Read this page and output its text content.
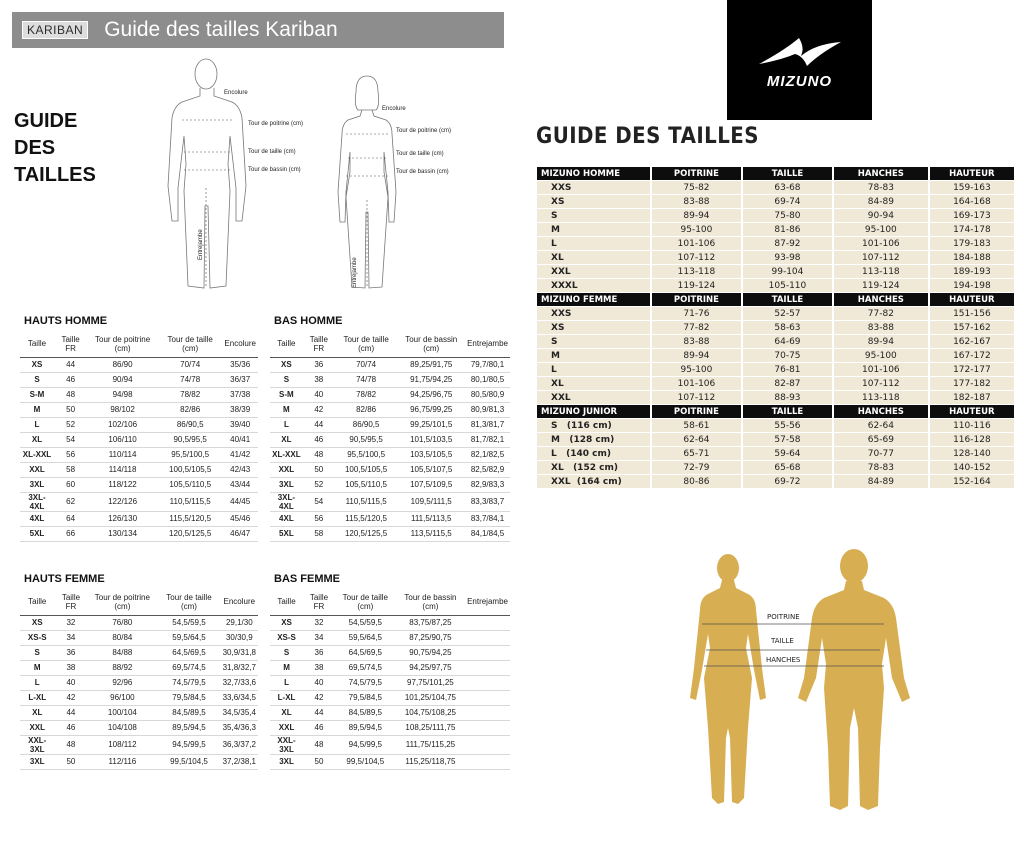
KARIBAN Guide des tailles Kariban
GUIDE
DES
TAILLES
Encolure
Tour de poitrine (cm)
Tour de taille (cm)
Tour de bassin (cm)
Entrejambe
Encolure
Tour de poitrine (cm)
Tour de taille (cm)
Tour de bassin (cm)
Entrejambe
HAUTS HOMME
Taille	Taille FR	Tour de poitrine (cm)	Tour de taille (cm)	Encolure
XS	44	86/90	70/74	35/36
S	46	90/94	74/78	36/37
S-M	48	94/98	78/82	37/38
M	50	98/102	82/86	38/39
L	52	102/106	86/90,5	39/40
XL	54	106/110	90,5/95,5	40/41
XL-XXL	56	110/114	95,5/100,5	41/42
XXL	58	114/118	100,5/105,5	42/43
3XL	60	118/122	105,5/110,5	43/44
3XL-4XL	62	122/126	110,5/115,5	44/45
4XL	64	126/130	115,5/120,5	45/46
5XL	66	130/134	120,5/125,5	46/47
BAS HOMME
Taille	Taille FR	Tour de taille (cm)	Tour de bassin (cm)	Entrejambe
XS	36	70/74	89,25/91,75	79,7/80,1
S	38	74/78	91,75/94,25	80,1/80,5
S-M	40	78/82	94,25/96,75	80,5/80,9
M	42	82/86	96,75/99,25	80,9/81,3
L	44	86/90,5	99,25/101,5	81,3/81,7
XL	46	90,5/95,5	101,5/103,5	81,7/82,1
XL-XXL	48	95,5/100,5	103,5/105,5	82,1/82,5
XXL	50	100,5/105,5	105,5/107,5	82,5/82,9
3XL	52	105,5/110,5	107,5/109,5	82,9/83,3
3XL-4XL	54	110,5/115,5	109,5/111,5	83,3/83,7
4XL	56	115,5/120,5	111,5/113,5	83,7/84,1
5XL	58	120,5/125,5	113,5/115,5	84,1/84,5
HAUTS FEMME
Taille	Taille FR	Tour de poitrine (cm)	Tour de taille (cm)	Encolure
XS	32	76/80	54,5/59,5	29,1/30
XS-S	34	80/84	59,5/64,5	30/30,9
S	36	84/88	64,5/69,5	30,9/31,8
M	38	88/92	69,5/74,5	31,8/32,7
L	40	92/96	74,5/79,5	32,7/33,6
L-XL	42	96/100	79,5/84,5	33,6/34,5
XL	44	100/104	84,5/89,5	34,5/35,4
XXL	46	104/108	89,5/94,5	35,4/36,3
XXL-3XL	48	108/112	94,5/99,5	36,3/37,2
3XL	50	112/116	99,5/104,5	37,2/38,1
BAS FEMME
Taille	Taille FR	Tour de taille (cm)	Tour de bassin (cm)	Entrejambe
XS	32	54,5/59,5	83,75/87,25	
XS-S	34	59,5/64,5	87,25/90,75	
S	36	64,5/69,5	90,75/94,25	
M	38	69,5/74,5	94,25/97,75	
L	40	74,5/79,5	97,75/101,25	
L-XL	42	79,5/84,5	101,25/104,75	
XL	44	84,5/89,5	104,75/108,25	
XXL	46	89,5/94,5	108,25/111,75	
XXL-3XL	48	94,5/99,5	111,75/115,25	
3XL	50	99,5/104,5	115,25/118,75	
MIZUNO
GUIDE DES TAILLES
MIZUNO HOMME	POITRINE	TAILLE	HANCHES	HAUTEUR
XXS	75-82	63-68	78-83	159-163
XS	83-88	69-74	84-89	164-168
S	89-94	75-80	90-94	169-173
M	95-100	81-86	95-100	174-178
L	101-106	87-92	101-106	179-183
XL	107-112	93-98	107-112	184-188
XXL	113-118	99-104	113-118	189-193
XXXL	119-124	105-110	119-124	194-198
MIZUNO FEMME	POITRINE	TAILLE	HANCHES	HAUTEUR
XXS	71-76	52-57	77-82	151-156
XS	77-82	58-63	83-88	157-162
S	83-88	64-69	89-94	162-167
M	89-94	70-75	95-100	167-172
L	95-100	76-81	101-106	172-177
XL	101-106	82-87	107-112	177-182
XXL	107-112	88-93	113-118	182-187
MIZUNO JUNIOR	POITRINE	TAILLE	HANCHES	HAUTEUR
S   (116 cm)	58-61	55-56	62-64	110-116
M   (128 cm)	62-64	57-58	65-69	116-128
L   (140 cm)	65-71	59-64	70-77	128-140
XL   (152 cm)	72-79	65-68	78-83	140-152
XXL  (164 cm)	80-86	69-72	84-89	152-164
POITRINE
TAILLE
HANCHES
